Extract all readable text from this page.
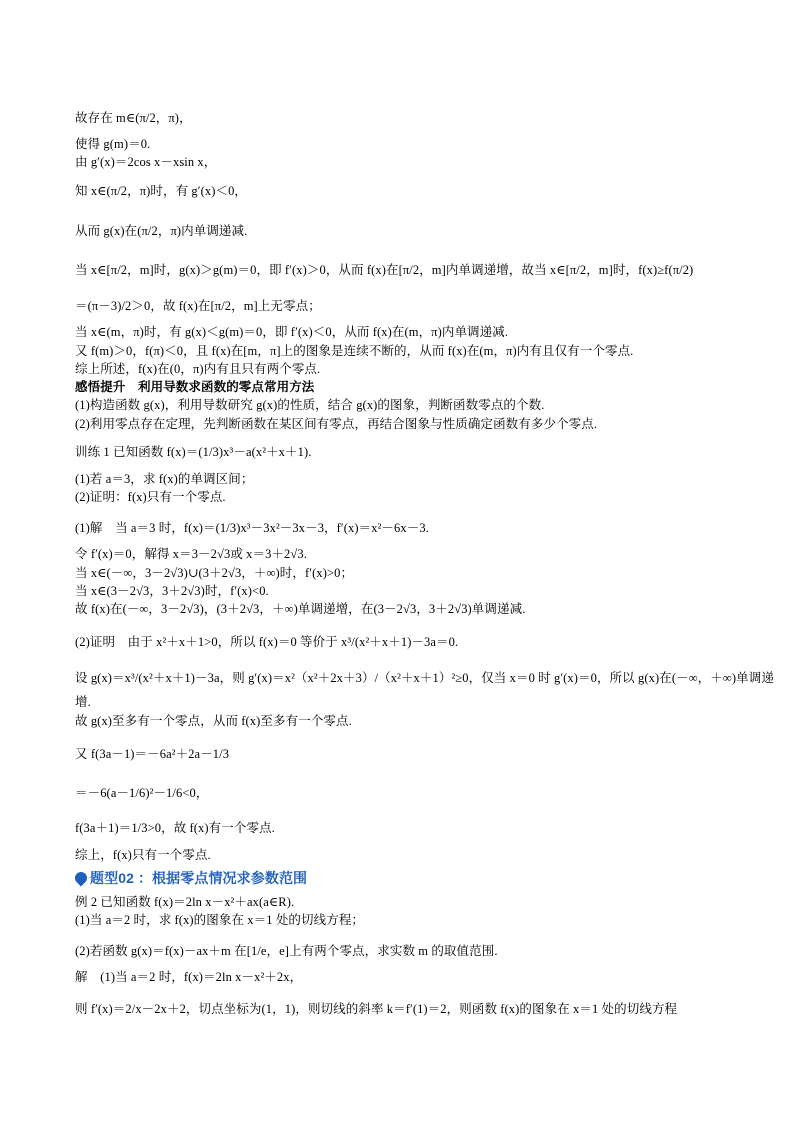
故存在 m∈(π/2，π)，
使得 g(m)＝0.
由 g′(x)＝2cos x－xsin x，
知 x∈(π/2，π)时，有 g′(x)＜0，
从而 g(x)在(π/2，π)内单调递减.
当 x∈[π/2，m]时，g(x)＞g(m)＝0，即 f′(x)＞0，从而 f(x)在[π/2，m]内单调递增，故当 x∈[π/2，m]时，f(x)≥f(π/2)
＝(π－3)/2＞0，故 f(x)在[π/2，m]上无零点；
当 x∈(m，π)时，有 g(x)＜g(m)＝0，即 f′(x)＜0，从而 f(x)在(m，π)内单调递减.
又 f(m)＞0，f(π)＜0，且 f(x)在[m，π]上的图象是连续不断的，从而 f(x)在(m，π)内有且仅有一个零点.
综上所述，f(x)在(0，π)内有且只有两个零点.
感悟提升　利用导数求函数的零点常用方法
(1)构造函数 g(x)，利用导数研究 g(x)的性质，结合 g(x)的图象，判断函数零点的个数.
(2)利用零点存在定理，先判断函数在某区间有零点，再结合图象与性质确定函数有多少个零点.
训练 1 已知函数 f(x)＝(1/3)x³－a(x²＋x＋1).
(1)若 a＝3，求 f(x)的单调区间；
(2)证明：f(x)只有一个零点.
(1)解　当 a＝3 时，f(x)＝(1/3)x³－3x²－3x－3，f′(x)＝x²－6x－3.
令 f′(x)＝0，解得 x＝3－2√3或 x＝3＋2√3.
当 x∈(－∞，3－2√3)∪(3＋2√3，＋∞)时，f′(x)>0；
当 x∈(3－2√3，3＋2√3)时，f′(x)<0.
故 f(x)在(－∞，3－2√3)，(3＋2√3，＋∞)单调递增，在(3－2√3，3＋2√3)单调递减.
(2)证明　由于 x²＋x＋1>0，所以 f(x)＝0 等价于 x³/(x²＋x＋1)－3a＝0.
设 g(x)＝x³/(x²＋x＋1)－3a，则 g′(x)＝x²（x²＋2x＋3）/（x²＋x＋1）²≥0，仅当 x＝0 时 g′(x)＝0，所以 g(x)在(－∞，＋∞)单调递
增.
故 g(x)至多有一个零点，从而 f(x)至多有一个零点.
又 f(3a－1)＝－6a²＋2a－1/3
＝－6(a－1/6)²－1/6<0，
f(3a＋1)＝1/3>0，故 f(x)有一个零点.
综上，f(x)只有一个零点.
题型02 ：根据零点情况求参数范围
例 2 已知函数 f(x)＝2ln x－x²＋ax(a∈R).
(1)当 a＝2 时，求 f(x)的图象在 x＝1 处的切线方程；
(2)若函数 g(x)＝f(x)－ax＋m 在[1/e，e]上有两个零点，求实数 m 的取值范围.
解　(1)当 a＝2 时，f(x)＝2ln x－x²＋2x，
则 f′(x)＝2/x－2x＋2，切点坐标为(1，1)，则切线的斜率 k＝f′(1)＝2，则函数 f(x)的图象在 x＝1 处的切线方程
